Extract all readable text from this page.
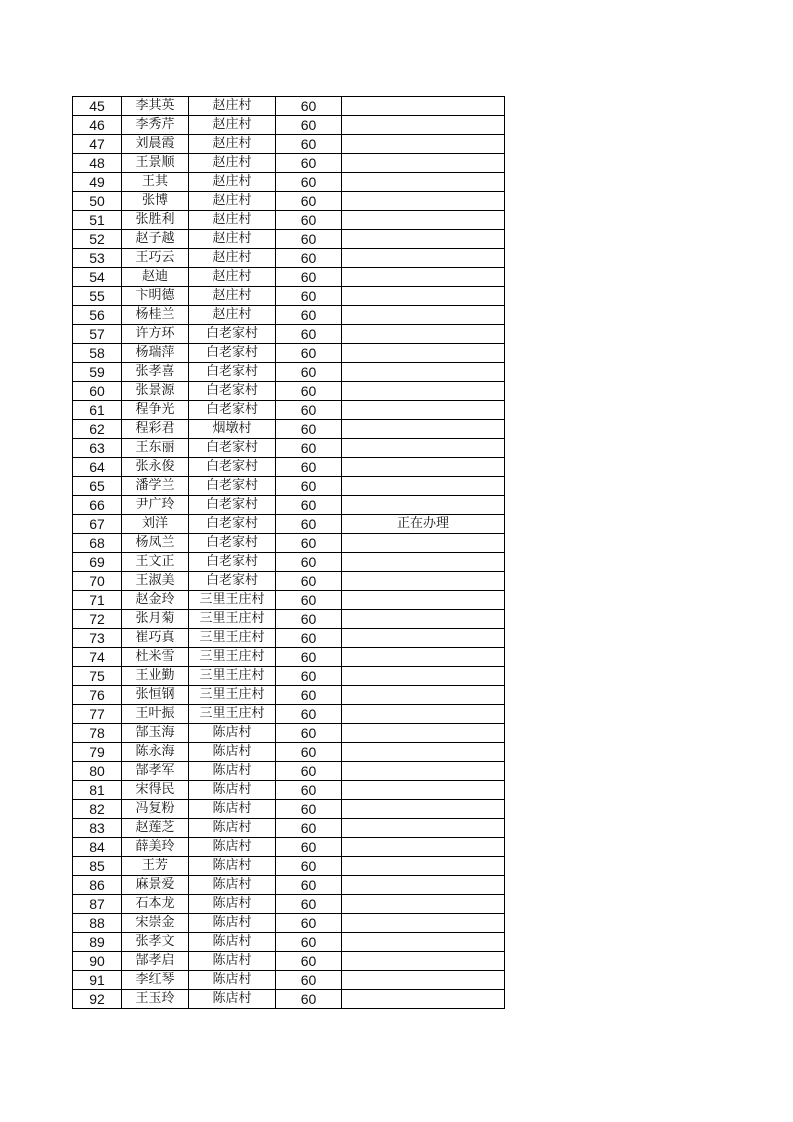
45	李其英	赵庄村	60	
46	李秀芹	赵庄村	60	
47	刘晨霞	赵庄村	60	
48	王景顺	赵庄村	60	
49	王其	赵庄村	60	
50	张博	赵庄村	60	
51	张胜利	赵庄村	60	
52	赵子越	赵庄村	60	
53	王巧云	赵庄村	60	
54	赵迪	赵庄村	60	
55	卞明德	赵庄村	60	
56	杨桂兰	赵庄村	60	
57	许方环	白老家村	60	
58	杨瑞萍	白老家村	60	
59	张孝喜	白老家村	60	
60	张景源	白老家村	60	
61	程争光	白老家村	60	
62	程彩君	烟墩村	60	
63	王东丽	白老家村	60	
64	张永俊	白老家村	60	
65	潘学兰	白老家村	60	
66	尹广玲	白老家村	60	
67	刘洋	白老家村	60	正在办理
68	杨凤兰	白老家村	60	
69	王文正	白老家村	60	
70	王淑美	白老家村	60	
71	赵金玲	三里王庄村	60	
72	张月菊	三里王庄村	60	
73	崔巧真	三里王庄村	60	
74	杜米雪	三里王庄村	60	
75	王业勤	三里王庄村	60	
76	张恒钢	三里王庄村	60	
77	王叶振	三里王庄村	60	
78	郜玉海	陈店村	60	
79	陈永海	陈店村	60	
80	郜孝军	陈店村	60	
81	宋得民	陈店村	60	
82	冯复粉	陈店村	60	
83	赵莲芝	陈店村	60	
84	薛美玲	陈店村	60	
85	王芳	陈店村	60	
86	麻景爱	陈店村	60	
87	石本龙	陈店村	60	
88	宋崇金	陈店村	60	
89	张孝文	陈店村	60	
90	郜孝启	陈店村	60	
91	李红琴	陈店村	60	
92	王玉玲	陈店村	60	
